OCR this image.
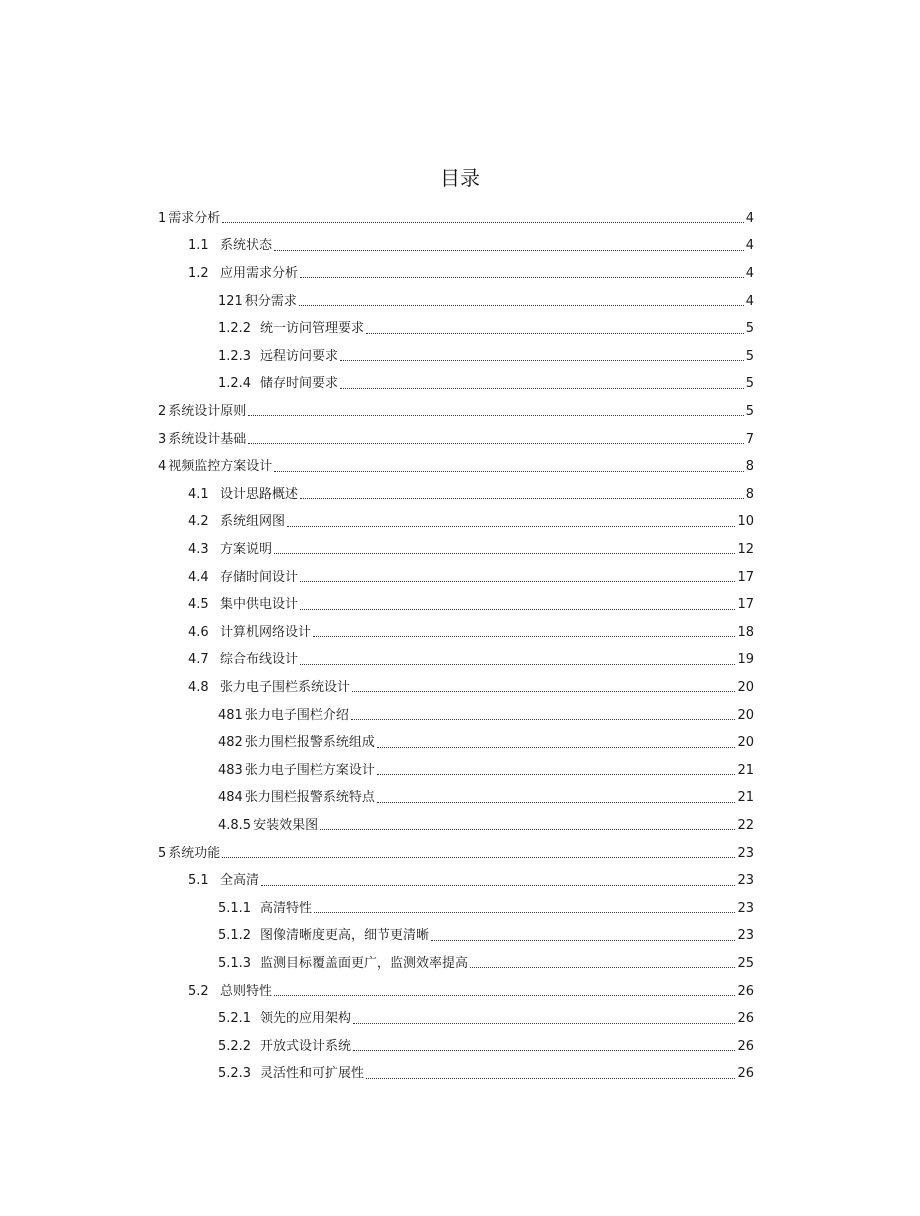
目录
1 需求分析	4
1.1 系统状态	4
1.2 应用需求分析	4
121 积分需求	4
1.2.2 统一访问管理要求	5
1.2.3 远程访问要求	5
1.2.4 储存时间要求	5
2 系统设计原则	5
3 系统设计基础	7
4 视频监控方案设计	8
4.1 设计思路概述	8
4.2 系统组网图	10
4.3 方案说明	12
4.4 存储时间设计	17
4.5 集中供电设计	17
4.6 计算机网络设计	18
4.7 综合布线设计	19
4.8 张力电子围栏系统设计	20
481 张力电子围栏介绍	20
482 张力围栏报警系统组成	20
483 张力电子围栏方案设计	21
484 张力围栏报警系统特点	21
4.8.5 安装效果图	22
5 系统功能	23
5.1 全高清	23
5.1.1 高清特性	23
5.1.2 图像清晰度更高，细节更清晰	23
5.1.3 监测目标覆盖面更广，监测效率提高	25
5.2 总则特性	26
5.2.1 领先的应用架构	26
5.2.2 开放式设计系统	26
5.2.3 灵活性和可扩展性	26
